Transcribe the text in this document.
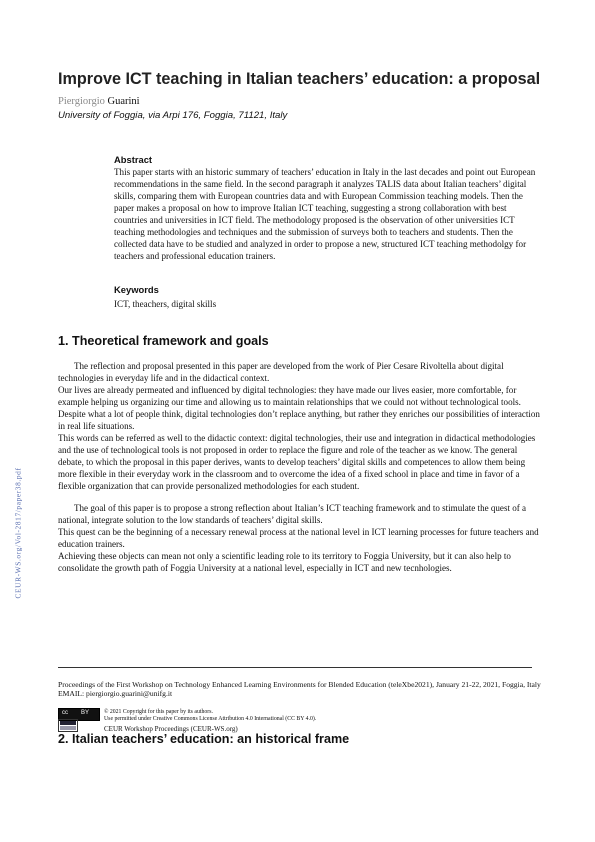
Improve ICT teaching in Italian teachers’ education: a proposal
Piergiorgio Guarini
University of Foggia, via Arpi 176, Foggia, 71121, Italy
Abstract
This paper starts with an historic summary of teachers’ education in Italy in the last decades and point out European recommendations in the same field. In the second paragraph it analyzes TALIS data about Italian teachers’ digital skills, comparing them with European countries data and with European Commission teaching models. Then the paper makes a proposal on how to improve Italian ICT teaching, suggesting a strong collaboration with best countries and universities in ICT field. The methodology proposed is the observation of other universities ICT teaching methodologies and techniques and the submission of surveys both to teachers and students. Then the collected data have to be studied and analyzed in order to propose a new, structured ICT teaching methodolgy for teachers and professional education trainers.
Keywords
ICT, theachers, digital skills
1. Theoretical framework and goals

The reflection and proposal presented in this paper are developed from the work of Pier Cesare Rivoltella about digital technologies in everyday life and in the didactical context.

Our lives are already permeated and influenced by digital technologies: they have made our lives easier, more comfortable, for example helping us organizing our time and allowing us to maintain relationships that we could not without technological tools. Despite what a lot of people think, digital technologies don’t replace anything, but rather they enriches our possibilities of interaction in real life situations.

This words can be referred as well to the didactic context: digital technologies, their use and integration in didactical methodologies and the use of technological tools is not proposed in order to replace the figure and role of the teacher as we know. The general debate, to which the proposal in this paper derives, wants to develop teachers’ digital skills and competences to allow them being more flexible in their everyday work in the classroom and to overcome the idea of a fixed school in place and time in favor of a flexible organization that can provide personalized methodologies for each student.

The goal of this paper is to propose a strong reflection about Italian’s ICT teaching framework and to stimulate the quest of a national, integrate solution to the low standards of teachers’ digital skills.

This quest can be the beginning of a necessary renewal process at the national level in ICT learning processes for future teachers and education trainers.

Achieving these objects can mean not only a scientific leading role to its territory to Foggia University, but it can also help to consolidate the growth path of Foggia University at a national level, especially in ICT and new tecnhologies.

CEUR-WS.org/Vol-2817/paper38.pdf
Proceedings of the First Workshop on Technology Enhanced Learning Environments for Blended Education (teleXbe2021), January 21-22, 2021, Foggia, Italy
EMAIL: piergiorgio.guarini@unifg.it
cc BY	© 2021 Copyright for this paper by its authors.
Use permitted under Creative Commons License Attribution 4.0 International (CC BY 4.0).
CEUR Workshop Proceedings (CEUR-WS.org)
2. Italian teachers’ education: an historical frame
